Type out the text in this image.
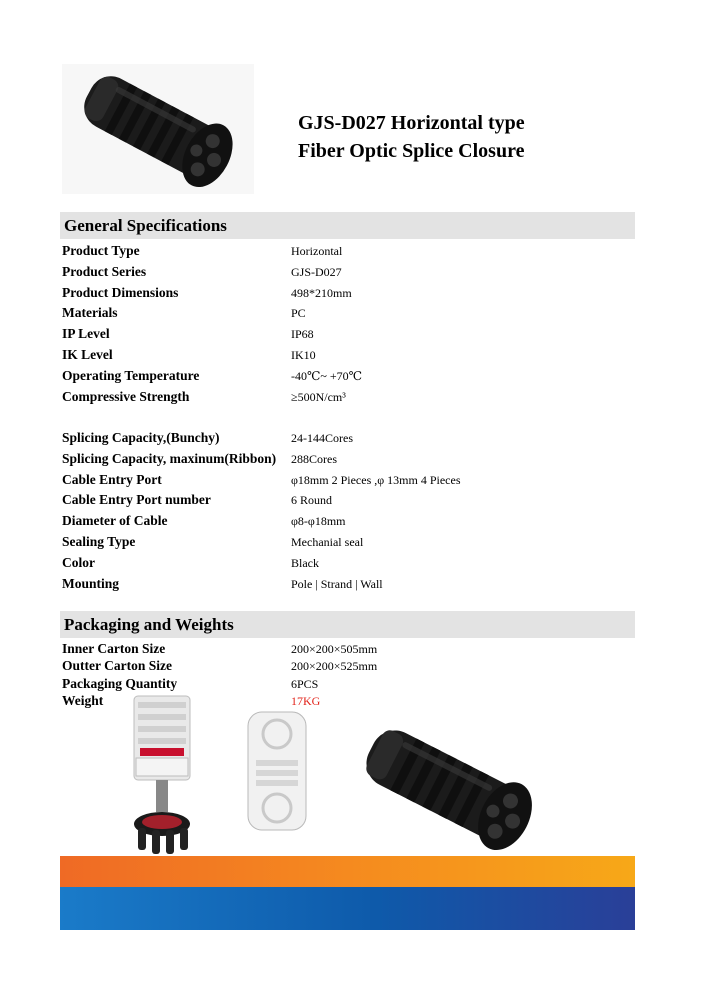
GJS-D027 Horizontal type
Fiber Optic Splice Closure
General Specifications
Product Type	Horizontal
Product Series	GJS-D027
Product Dimensions	498*210mm
Materials	PC
IP Level	IP68
IK Level	IK10
Operating Temperature	-40℃~ +70℃
Compressive Strength	≥500N/cm³
Splicing Capacity,(Bunchy)	24-144Cores
Splicing Capacity, maxinum(Ribbon)	288Cores
Cable Entry Port	φ18mm 2 Pieces ,φ 13mm 4 Pieces
Cable Entry Port number	6 Round
Diameter of Cable	φ8-φ18mm
Sealing Type	Mechanial seal
Color	Black
Mounting	Pole | Strand | Wall
Packaging and Weights
Inner Carton Size	200×200×505mm
Outter Carton Size	200×200×525mm
Packaging Quantity	6PCS
Weight	17KG
